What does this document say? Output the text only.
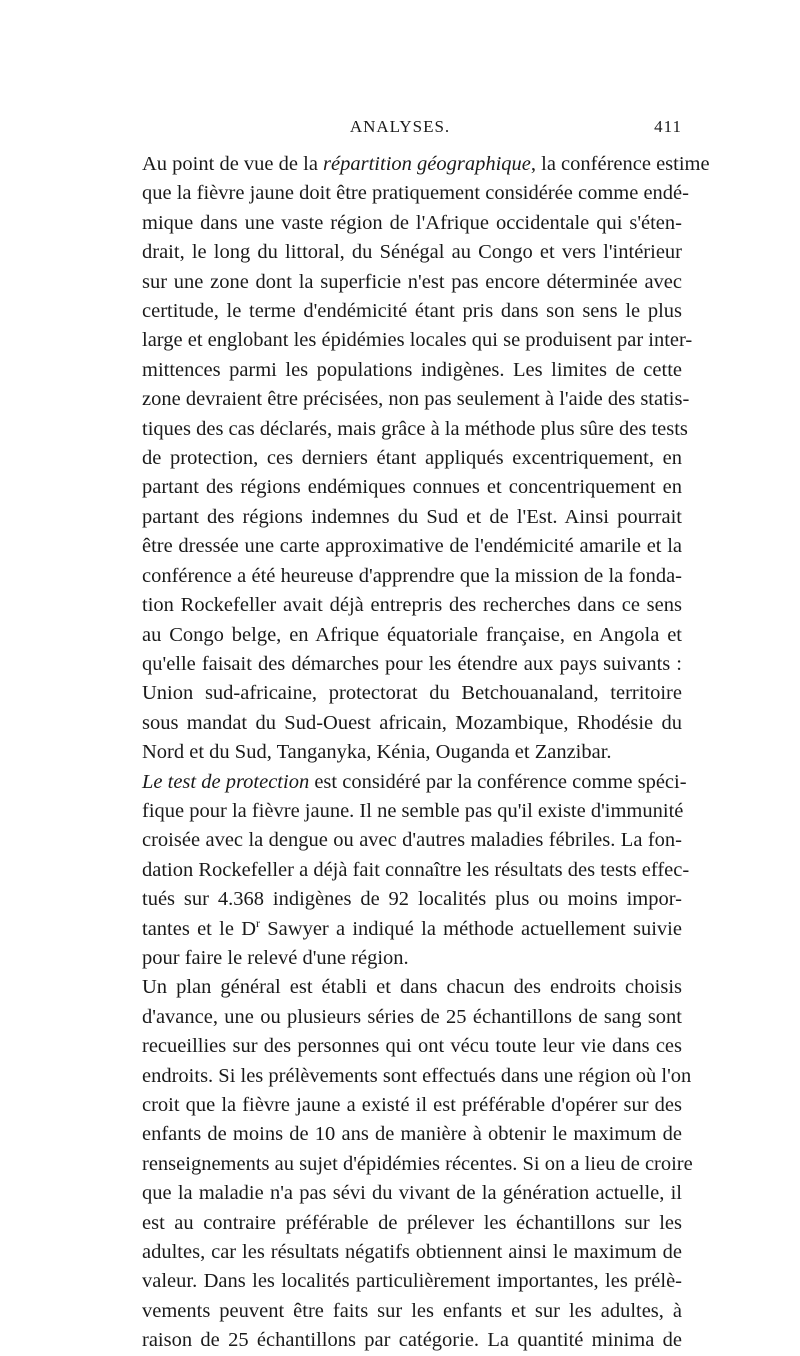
ANALYSES.	411

Au point de vue de la répartition géographique, la conférence estime
que la fièvre jaune doit être pratiquement considérée comme endé-
mique dans une vaste région de l'Afrique occidentale qui s'éten-
drait, le long du littoral, du Sénégal au Congo et vers l'intérieur
sur une zone dont la superficie n'est pas encore déterminée avec
certitude, le terme d'endémicité étant pris dans son sens le plus
large et englobant les épidémies locales qui se produisent par inter-
mittences parmi les populations indigènes. Les limites de cette
zone devraient être précisées, non pas seulement à l'aide des statis-
tiques des cas déclarés, mais grâce à la méthode plus sûre des tests
de protection, ces derniers étant appliqués excentriquement, en
partant des régions endémiques connues et concentriquement en
partant des régions indemnes du Sud et de l'Est. Ainsi pourrait
être dressée une carte approximative de l'endémicité amarile et la
conférence a été heureuse d'apprendre que la mission de la fonda-
tion Rockefeller avait déjà entrepris des recherches dans ce sens
au Congo belge, en Afrique équatoriale française, en Angola et
qu'elle faisait des démarches pour les étendre aux pays suivants :
Union sud-africaine, protectorat du Betchouanaland, territoire
sous mandat du Sud-Ouest africain, Mozambique, Rhodésie du
Nord et du Sud, Tanganyka, Kénia, Ouganda et Zanzibar.

Le test de protection est considéré par la conférence comme spéci-
fique pour la fièvre jaune. Il ne semble pas qu'il existe d'immunité
croisée avec la dengue ou avec d'autres maladies fébriles. La fon-
dation Rockefeller a déjà fait connaître les résultats des tests effec-
tués sur 4.368 indigènes de 92 localités plus ou moins impor-
tantes et le $D^r$ Sawyer a indiqué la méthode actuellement suivie
pour faire le relevé d'une région.

Un plan général est établi et dans chacun des endroits choisis
d'avance, une ou plusieurs séries de 25 échantillons de sang sont
recueillies sur des personnes qui ont vécu toute leur vie dans ces
endroits. Si les prélèvements sont effectués dans une région où l'on
croit que la fièvre jaune a existé il est préférable d'opérer sur des
enfants de moins de 10 ans de manière à obtenir le maximum de
renseignements au sujet d'épidémies récentes. Si on a lieu de croire
que la maladie n'a pas sévi du vivant de la génération actuelle, il
est au contraire préférable de prélever les échantillons sur les
adultes, car les résultats négatifs obtiennent ainsi le maximum de
valeur. Dans les localités particulièrement importantes, les prélè-
vements peuvent être faits sur les enfants et sur les adultes, à
raison de 25 échantillons par catégorie. La quantité minima de
